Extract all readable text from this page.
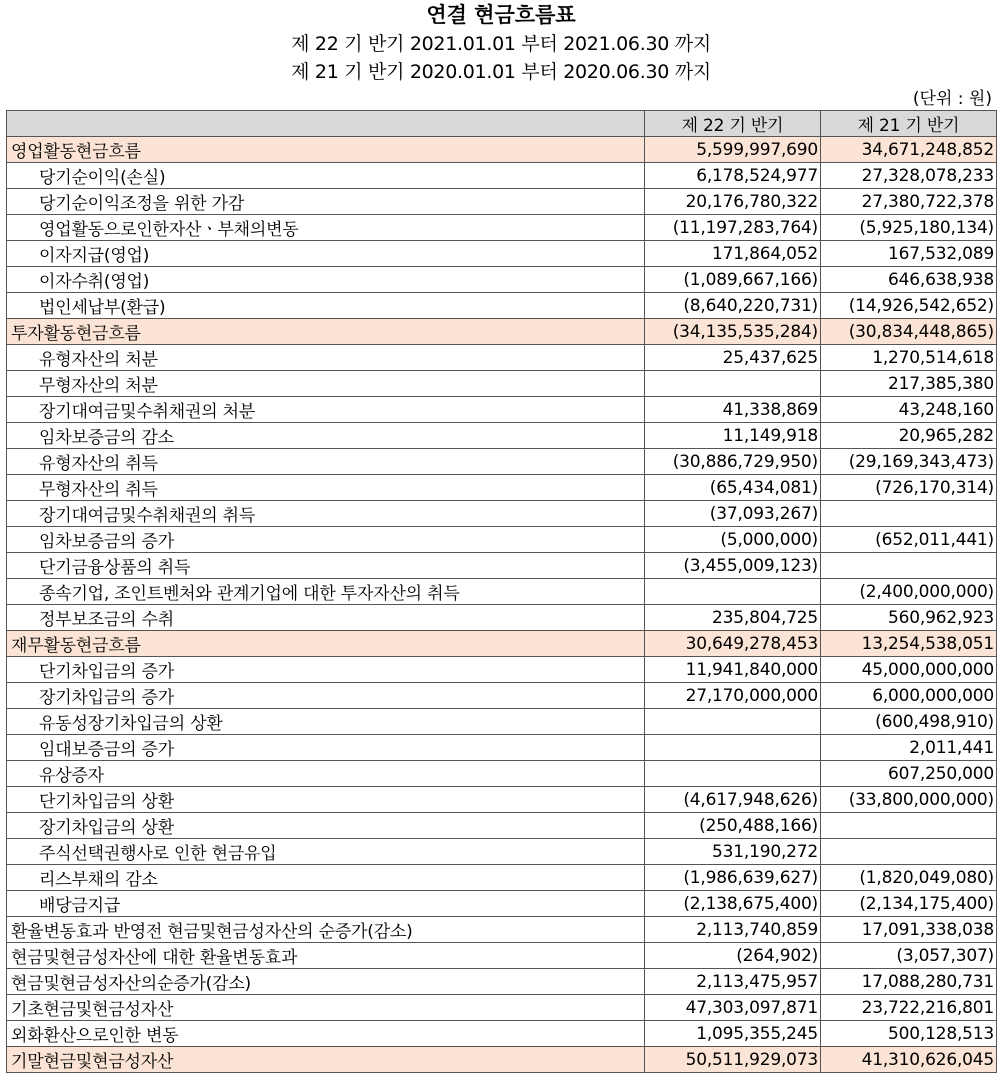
연결 현금흐름표
제 22 기 반기 2021.01.01 부터 2021.06.30 까지
제 21 기 반기 2020.01.01 부터 2020.06.30 까지
(단위 : 원)
	제 22 기 반기	제 21 기 반기
영업활동현금흐름	5,599,997,690	34,671,248,852
당기순이익(손실)	6,178,524,977	27,328,078,233
당기순이익조정을 위한 가감	20,176,780,322	27,380,722,378
영업활동으로인한자산ㆍ부채의변동	(11,197,283,764)	(5,925,180,134)
이자지급(영업)	171,864,052	167,532,089
이자수취(영업)	(1,089,667,166)	646,638,938
법인세납부(환급)	(8,640,220,731)	(14,926,542,652)
투자활동현금흐름	(34,135,535,284)	(30,834,448,865)
유형자산의 처분	25,437,625	1,270,514,618
무형자산의 처분		217,385,380
장기대여금및수취채권의 처분	41,338,869	43,248,160
임차보증금의 감소	11,149,918	20,965,282
유형자산의 취득	(30,886,729,950)	(29,169,343,473)
무형자산의 취득	(65,434,081)	(726,170,314)
장기대여금및수취채권의 취득	(37,093,267)	
임차보증금의 증가	(5,000,000)	(652,011,441)
단기금융상품의 취득	(3,455,009,123)	
종속기업, 조인트벤처와 관계기업에 대한 투자자산의 취득		(2,400,000,000)
정부보조금의 수취	235,804,725	560,962,923
재무활동현금흐름	30,649,278,453	13,254,538,051
단기차입금의 증가	11,941,840,000	45,000,000,000
장기차입금의 증가	27,170,000,000	6,000,000,000
유동성장기차입금의 상환		(600,498,910)
임대보증금의 증가		2,011,441
유상증자		607,250,000
단기차입금의 상환	(4,617,948,626)	(33,800,000,000)
장기차입금의 상환	(250,488,166)	
주식선택권행사로 인한 현금유입	531,190,272	
리스부채의 감소	(1,986,639,627)	(1,820,049,080)
배당금지급	(2,138,675,400)	(2,134,175,400)
환율변동효과 반영전 현금및현금성자산의 순증가(감소)	2,113,740,859	17,091,338,038
현금및현금성자산에 대한 환율변동효과	(264,902)	(3,057,307)
현금및현금성자산의순증가(감소)	2,113,475,957	17,088,280,731
기초현금및현금성자산	47,303,097,871	23,722,216,801
외화환산으로인한 변동	1,095,355,245	500,128,513
기말현금및현금성자산	50,511,929,073	41,310,626,045
